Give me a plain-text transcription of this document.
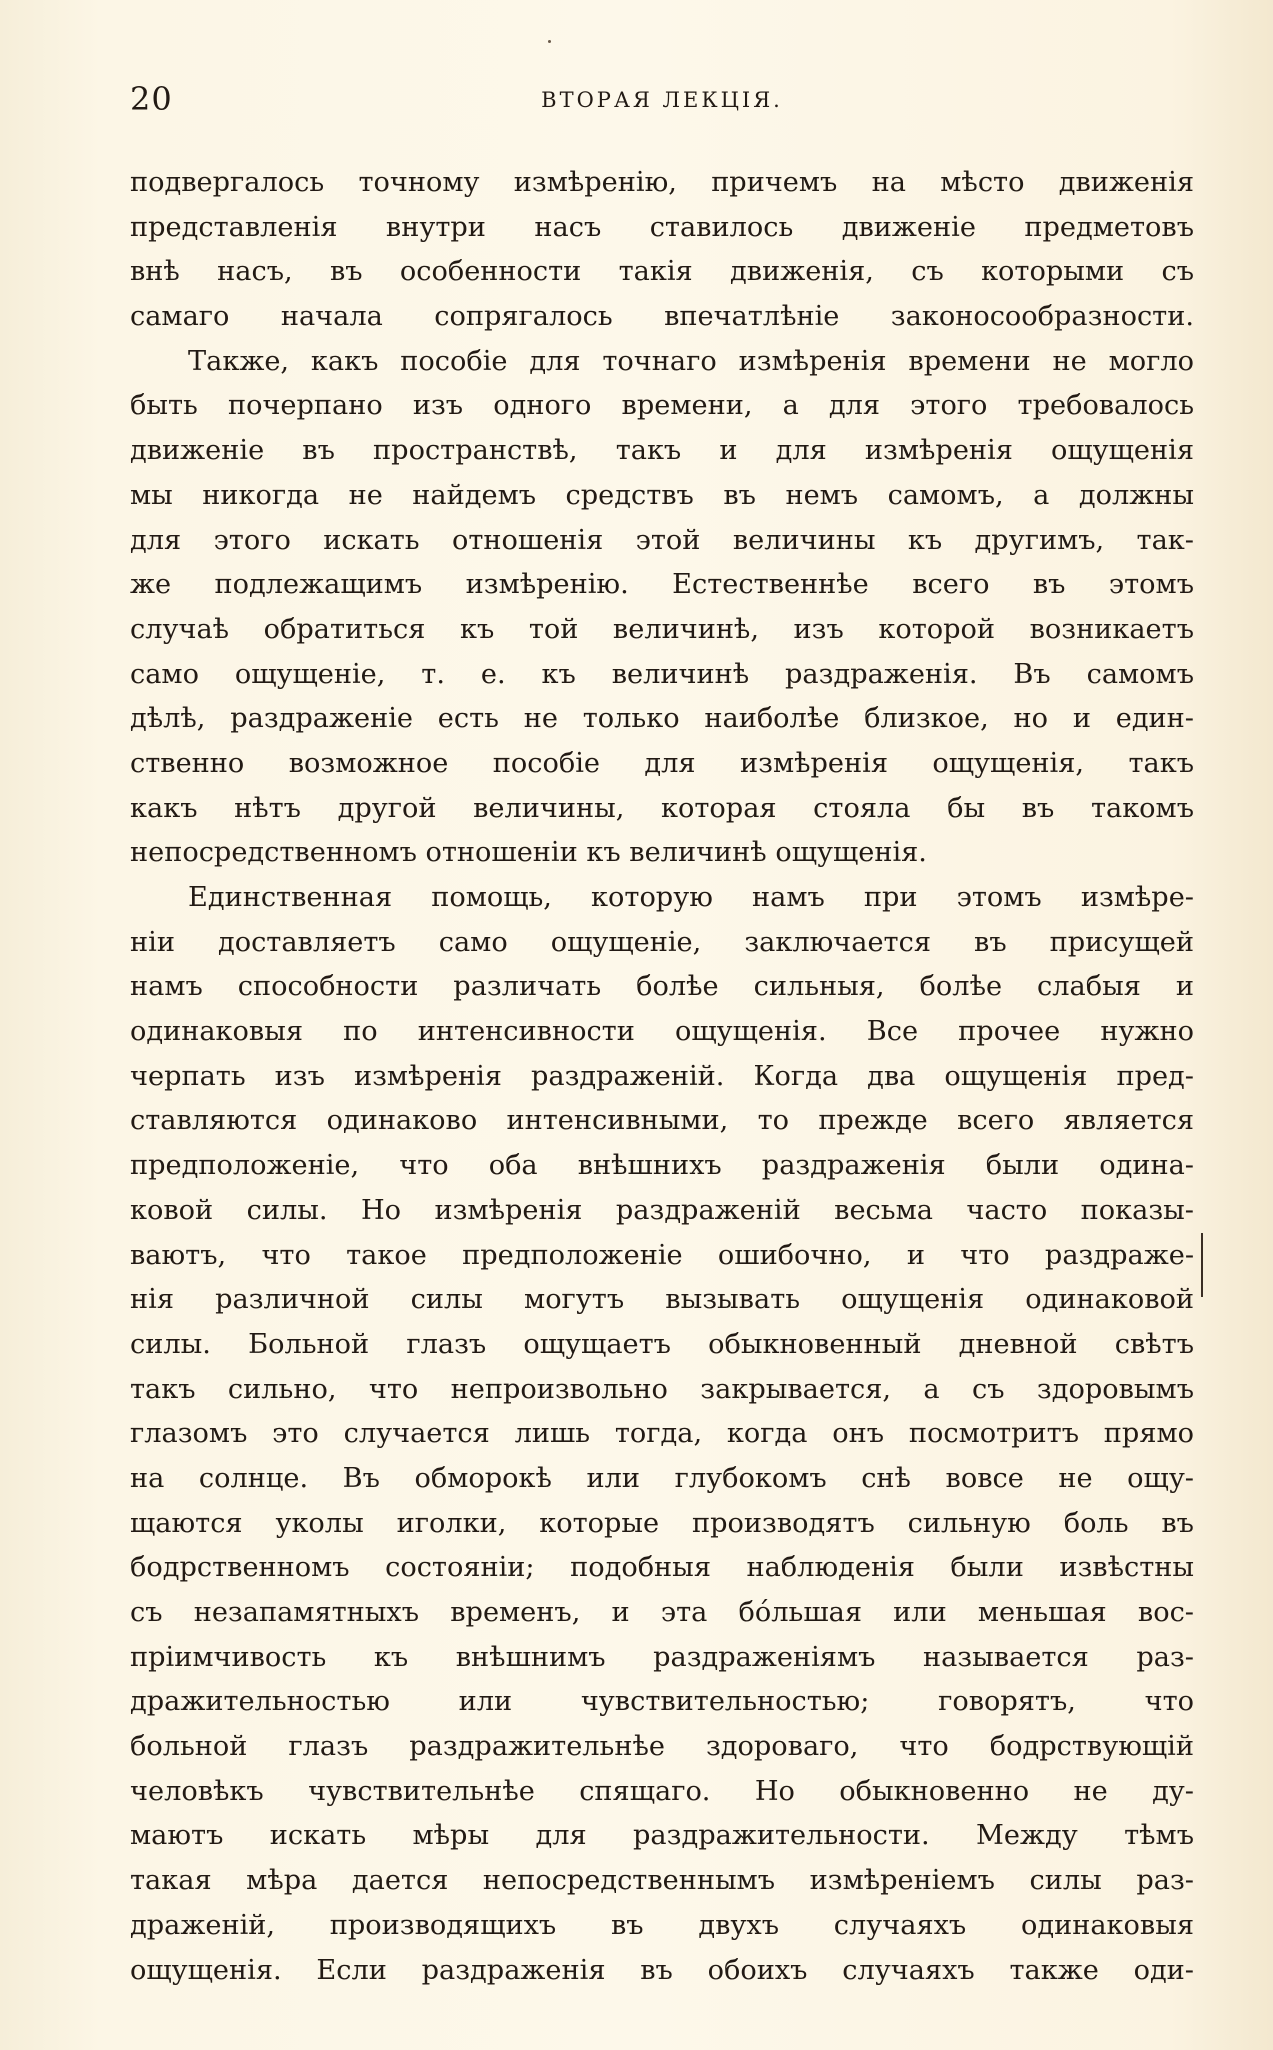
20	ВТОРАЯ ЛЕКЦІЯ.
подвергалось точному измѣренію, причемъ на мѣсто движенія
представленія внутри насъ ставилось движеніе предметовъ
внѣ насъ, въ особенности такія движенія, съ которыми съ
самаго начала сопрягалось впечатлѣніе законосообразности.
Также, какъ пособіе для точнаго измѣренія времени не могло
быть почерпано изъ одного времени, а для этого требовалось
движеніе въ пространствѣ, такъ и для измѣренія ощущенія
мы никогда не найдемъ средствъ въ немъ самомъ, а должны
для этого искать отношенія этой величины къ другимъ, так-
же подлежащимъ измѣренію. Естественнѣе всего въ этомъ
случаѣ обратиться къ той величинѣ, изъ которой возникаетъ
само ощущеніе, т. е. къ величинѣ раздраженія. Въ самомъ
дѣлѣ, раздраженіе есть не только наиболѣе близкое, но и един-
ственно возможное пособіе для измѣренія ощущенія, такъ
какъ нѣтъ другой величины, которая стояла бы въ такомъ
непосредственномъ отношеніи къ величинѣ ощущенія.
Единственная помощь, которую намъ при этомъ измѣре-
ніи доставляетъ само ощущеніе, заключается въ присущей
намъ способности различать болѣе сильныя, болѣе слабыя и
одинаковыя по интенсивности ощущенія. Все прочее нужно
черпать изъ измѣренія раздраженій. Когда два ощущенія пред-
ставляются одинаково интенсивными, то прежде всего является
предположеніе, что оба внѣшнихъ раздраженія были одина-
ковой силы. Но измѣренія раздраженій весьма часто показы-
ваютъ, что такое предположеніе ошибочно, и что раздраже-
нія различной силы могутъ вызывать ощущенія одинаковой
силы. Больной глазъ ощущаетъ обыкновенный дневной свѣтъ
такъ сильно, что непроизвольно закрывается, а съ здоровымъ
глазомъ это случается лишь тогда, когда онъ посмотритъ прямо
на солнце. Въ обморокѣ или глубокомъ снѣ вовсе не ощу-
щаются уколы иголки, которые производятъ сильную боль въ
бодрственномъ состояніи; подобныя наблюденія были извѣстны
съ незапамятныхъ временъ, и эта бо́льшая или меньшая вос-
пріимчивость къ внѣшнимъ раздраженіямъ называется раз-
дражительностью или чувствительностью; говорятъ, что
больной глазъ раздражительнѣе здороваго, что бодрствующій
человѣкъ чувствительнѣе спящаго. Но обыкновенно не ду-
маютъ искать мѣры для раздражительности. Между тѣмъ
такая мѣра дается непосредственнымъ измѣреніемъ силы раз-
драженій, производящихъ въ двухъ случаяхъ одинаковыя
ощущенія. Если раздраженія въ обоихъ случаяхъ также оди-
